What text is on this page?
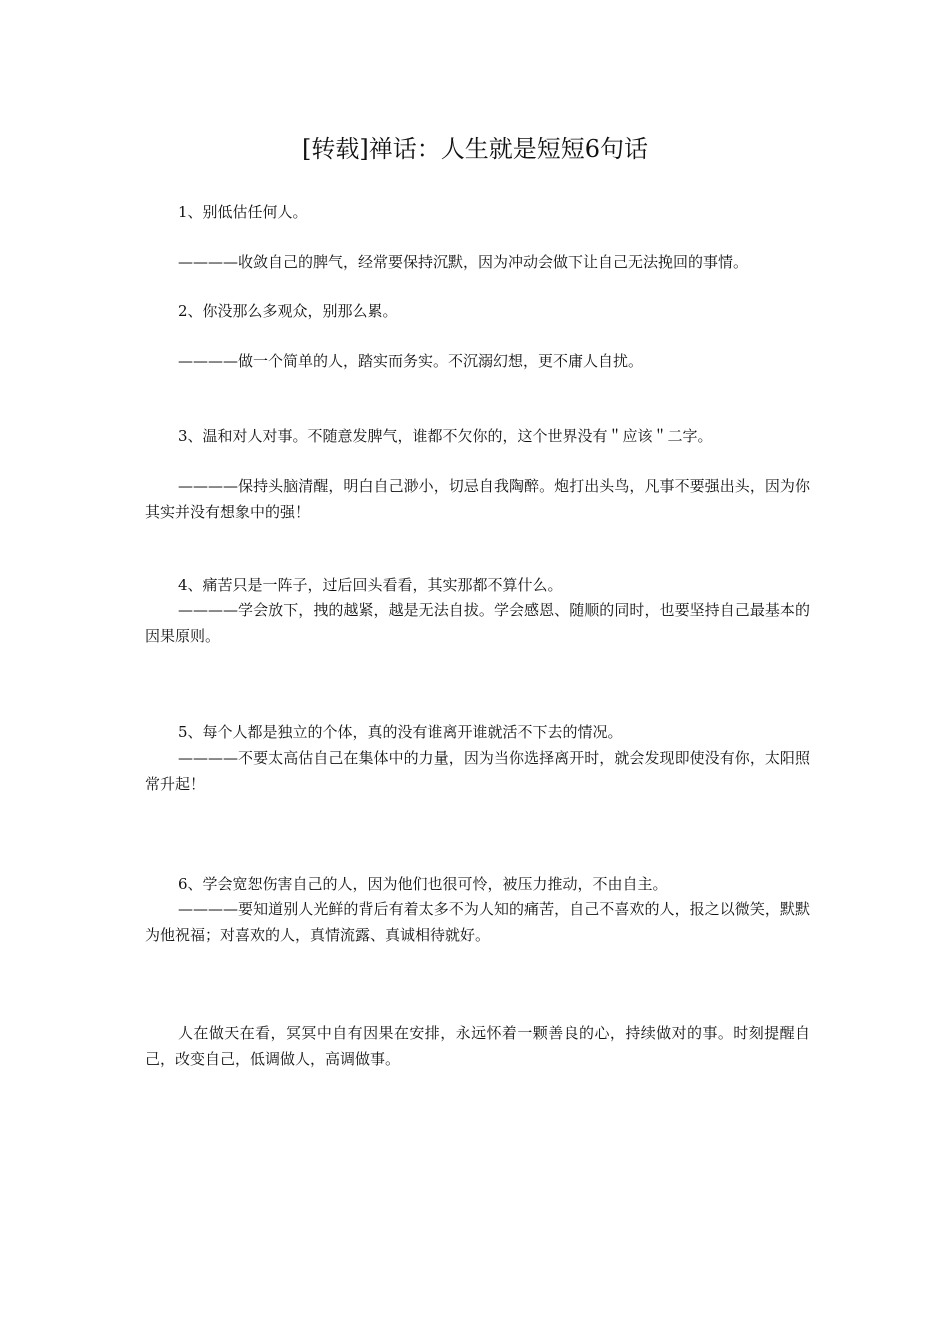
[转载]禅话：人生就是短短6句话

1、别低估任何人。

————收敛自己的脾气，经常要保持沉默，因为冲动会做下让自己无法挽回的事情。

2、你没那么多观众，别那么累。

————做一个简单的人，踏实而务实。不沉溺幻想，更不庸人自扰。

3、温和对人对事。不随意发脾气，谁都不欠你的，这个世界没有＂应该＂二字。

————保持头脑清醒，明白自己渺小，切忌自我陶醉。炮打出头鸟，凡事不要强出头，因为你其实并没有想象中的强！

4、痛苦只是一阵子，过后回头看看，其实那都不算什么。

————学会放下，拽的越紧，越是无法自拔。学会感恩、随顺的同时，也要坚持自己最基本的因果原则。

5、每个人都是独立的个体，真的没有谁离开谁就活不下去的情况。

————不要太高估自己在集体中的力量，因为当你选择离开时，就会发现即使没有你，太阳照常升起！

6、学会宽恕伤害自己的人，因为他们也很可怜，被压力推动，不由自主。

————要知道别人光鲜的背后有着太多不为人知的痛苦，自己不喜欢的人，报之以微笑，默默为他祝福；对喜欢的人，真情流露、真诚相待就好。

人在做天在看，冥冥中自有因果在安排，永远怀着一颗善良的心，持续做对的事。时刻提醒自己，改变自己，低调做人，高调做事。
